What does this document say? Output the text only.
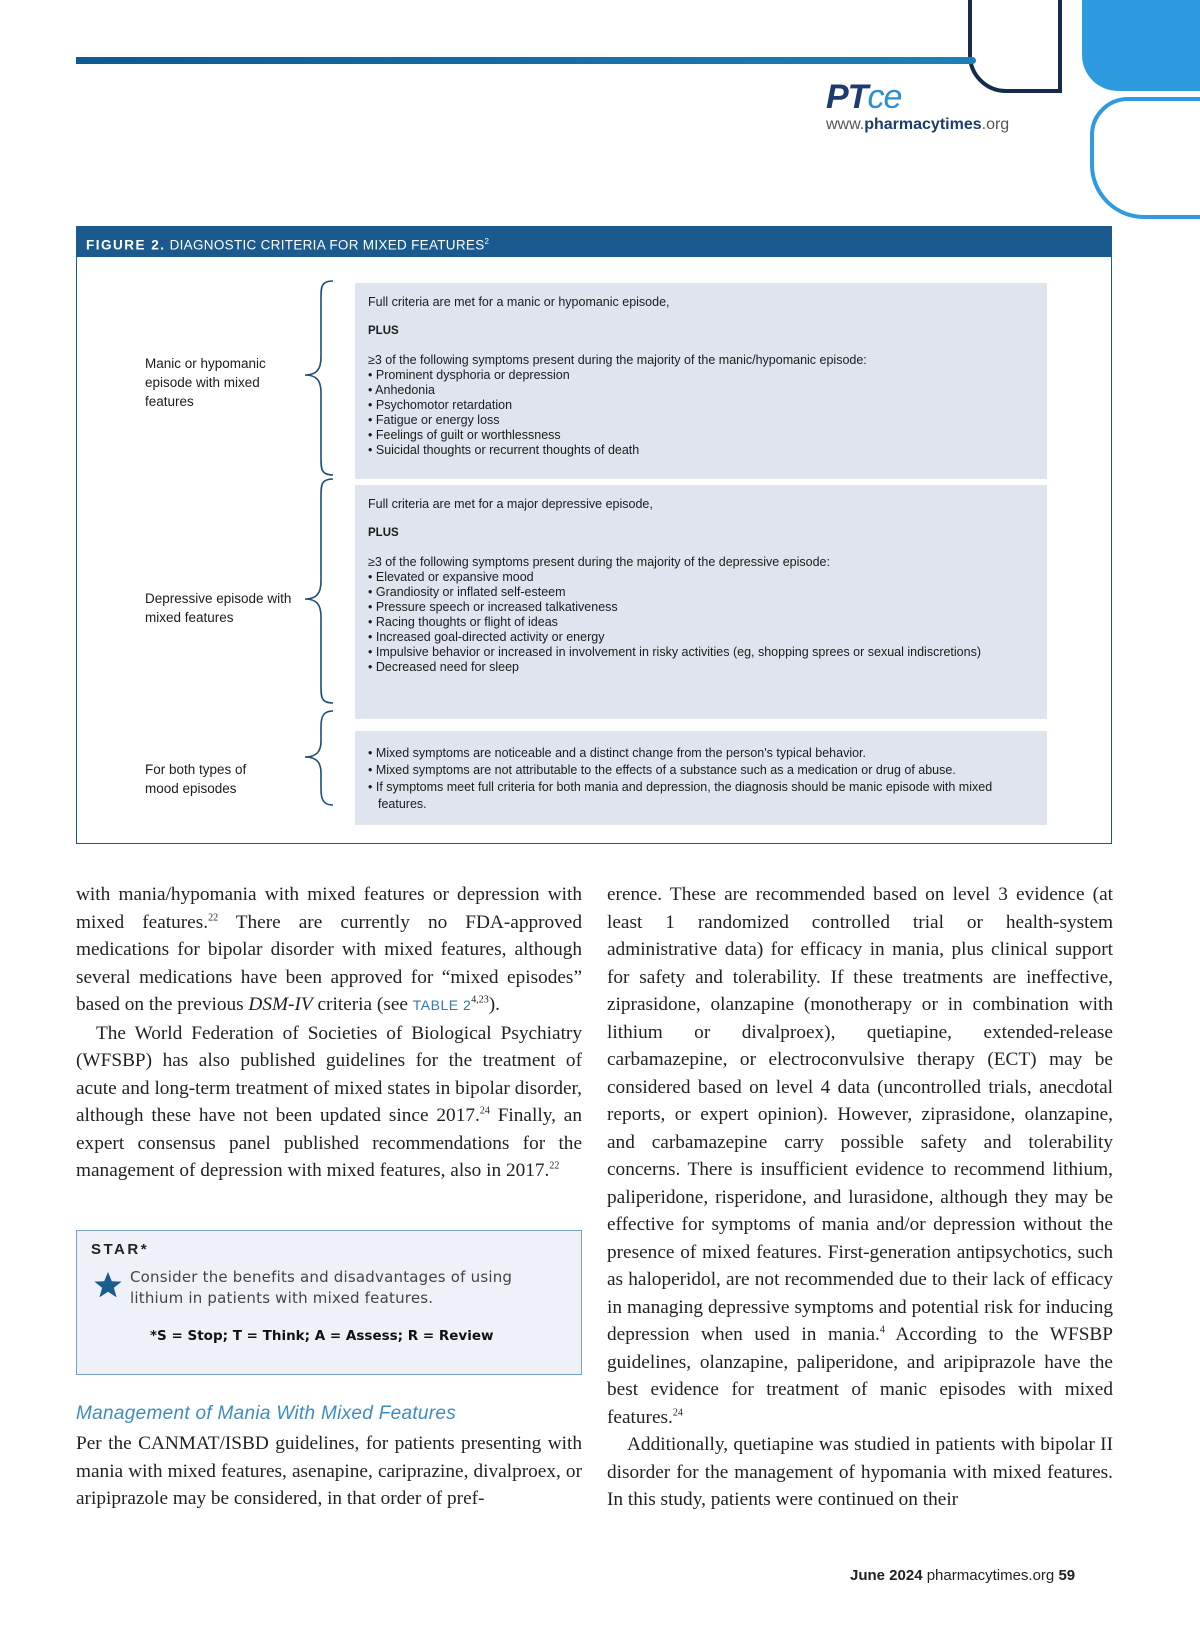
PTce
www.pharmacytimes.org
FIGURE 2. DIAGNOSTIC CRITERIA FOR MIXED FEATURES$^2$
Manic or hypomanic episode with mixed features

Full criteria are met for a manic or hypomanic episode,

PLUS

≥3 of the following symptoms present during the majority of the manic/hypomanic episode:

• Prominent dysphoria or depression
• Anhedonia
• Psychomotor retardation
• Fatigue or energy loss
• Feelings of guilt or worthlessness
• Suicidal thoughts or recurrent thoughts of death
Depressive episode with mixed features

Full criteria are met for a major depressive episode,

PLUS

≥3 of the following symptoms present during the majority of the depressive episode:

• Elevated or expansive mood
• Grandiosity or inflated self-esteem
• Pressure speech or increased talkativeness
• Racing thoughts or flight of ideas
• Increased goal-directed activity or energy
• Impulsive behavior or increased in involvement in risky activities (eg, shopping sprees or sexual indiscretions)
• Decreased need for sleep
For both types of mood episodes
• Mixed symptoms are noticeable and a distinct change from the person's typical behavior.
• Mixed symptoms are not attributable to the effects of a substance such as a medication or drug of abuse.
• If symptoms meet full criteria for both mania and depression, the diagnosis should be manic episode with mixed features.

with mania/hypomania with mixed features or depression with mixed features.$^{22}$ There are currently no FDA-approved medications for bipolar disorder with mixed features, although several medications have been approved for “mixed episodes” based on the previous DSM-IV criteria (see TABLE 2$^{4,23}$).

The World Federation of Societies of Biological Psychiatry (WFSBP) has also published guidelines for the treatment of acute and long-term treatment of mixed states in bipolar disorder, although these have not been updated since 2017.24 Finally, an expert consensus panel published recommendations for the management of depression with mixed features, also in 2017.22

STAR*
Consider the benefits and disadvantages of using lithium in patients with mixed features.
*S = Stop; T = Think; A = Assess; R = Review
Management of Mania With Mixed Features

Per the CANMAT/ISBD guidelines, for patients presenting with mania with mixed features, asenapine, cariprazine, divalproex, or aripiprazole may be considered, in that order of pref-

erence. These are recommended based on level 3 evidence (at least 1 randomized controlled trial or health-system administrative data) for efficacy in mania, plus clinical support for safety and tolerability. If these treatments are ineffective, ziprasidone, olanzapine (monotherapy or in combination with lithium or divalproex), quetiapine, extended-release carbamazepine, or electroconvulsive therapy (ECT) may be considered based on level 4 data (uncontrolled trials, anecdotal reports, or expert opinion). However, ziprasidone, olanzapine, and carbamazepine carry possible safety and tolerability concerns. There is insufficient evidence to recommend lithium, paliperidone, risperidone, and lurasidone, although they may be effective for symptoms of mania and/or depression without the presence of mixed features. First-generation antipsychotics, such as haloperidol, are not recommended due to their lack of efficacy in managing depressive symptoms and potential risk for inducing depression when used in mania.$^4$ According to the WFSBP guidelines, olanzapine, paliperidone, and aripiprazole have the best evidence for treatment of manic episodes with mixed features.$^{24}$

Additionally, quetiapine was studied in patients with bipolar II disorder for the management of hypomania with mixed features. In this study, patients were continued on their

June 2024 pharmacytimes.org 59
